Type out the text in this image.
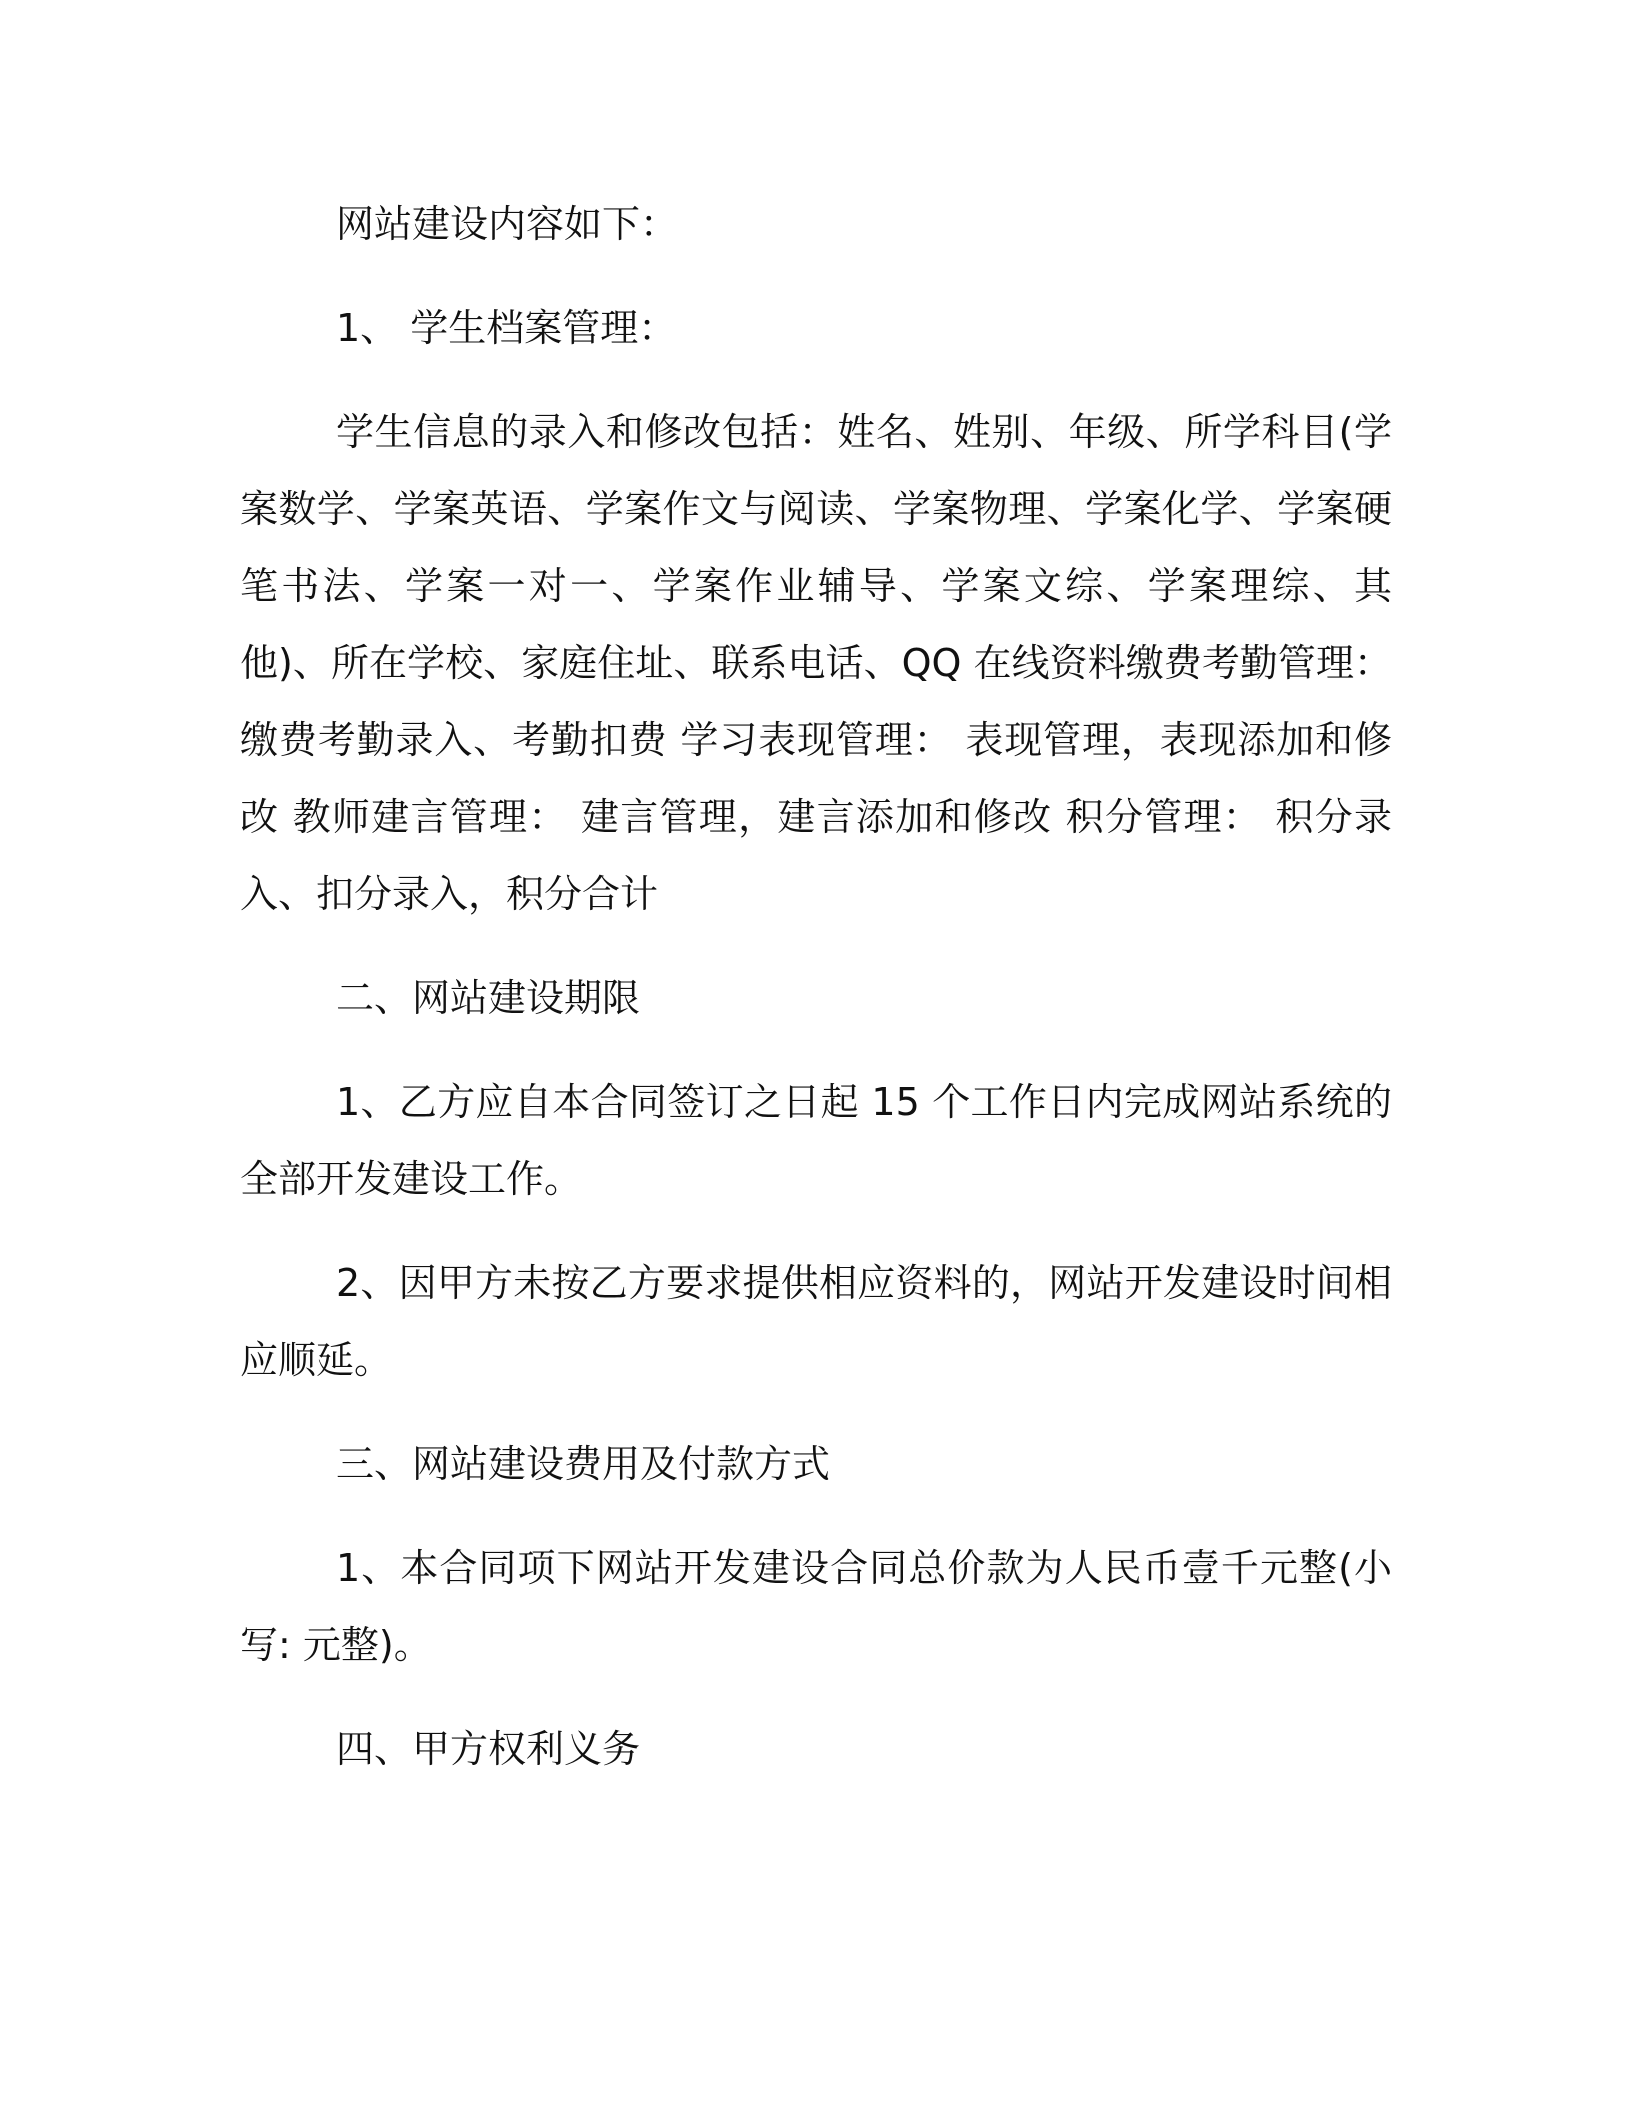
网站建设内容如下：

1、 学生档案管理：

学生信息的录入和修改包括：姓名、姓别、年级、所学科目(学案数学、学案英语、学案作文与阅读、学案物理、学案化学、学案硬笔书法、学案一对一、学案作业辅导、学案文综、学案理综、其他)、所在学校、家庭住址、联系电话、QQ 在线资料缴费考勤管理： 缴费考勤录入、考勤扣费 学习表现管理： 表现管理，表现添加和修改 教师建言管理： 建言管理，建言添加和修改 积分管理： 积分录入、扣分录入，积分合计

二、网站建设期限

1、乙方应自本合同签订之日起 15 个工作日内完成网站系统的全部开发建设工作。

2、因甲方未按乙方要求提供相应资料的，网站开发建设时间相应顺延。

三、网站建设费用及付款方式

1、本合同项下网站开发建设合同总价款为人民币壹千元整(小写: 元整)。

四、甲方权利义务
